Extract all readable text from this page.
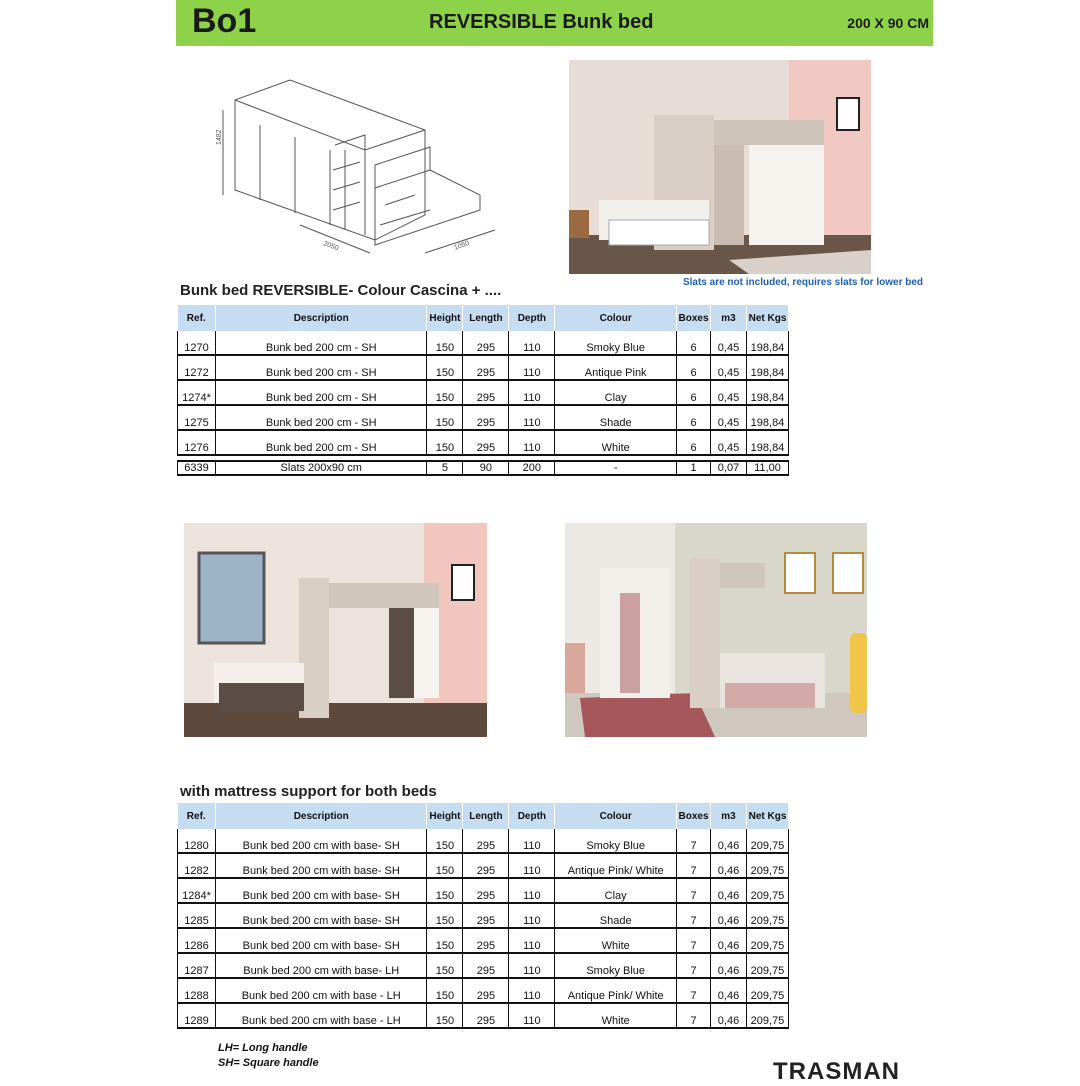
Bo1	REVERSIBLE Bunk bed	200 X 90 CM
1482
2050	1050
Slats are not included, requires slats for lower bed
Bunk bed REVERSIBLE- Colour Cascina + ....
Ref.	Description	Height	Length	Depth	Colour	Boxes	m3	Net Kgs
1270	Bunk bed 200 cm - SH	150	295	110	Smoky Blue	6	0,45	198,84
1272	Bunk bed 200 cm - SH	150	295	110	Antique Pink	6	0,45	198,84
1274*	Bunk bed 200 cm - SH	150	295	110	Clay	6	0,45	198,84
1275	Bunk bed 200 cm - SH	150	295	110	Shade	6	0,45	198,84
1276	Bunk bed 200 cm - SH	150	295	110	White	6	0,45	198,84

6339	Slats 200x90 cm	5	90	200	-	1	0,07	11,00
with mattress support for both beds
Ref.	Description	Height	Length	Depth	Colour	Boxes	m3	Net Kgs
1280	Bunk bed 200 cm with base- SH	150	295	110	Smoky Blue	7	0,46	209,75
1282	Bunk bed 200 cm with base- SH	150	295	110	Antique Pink/ White	7	0,46	209,75
1284*	Bunk bed 200 cm with base- SH	150	295	110	Clay	7	0,46	209,75
1285	Bunk bed 200 cm with base- SH	150	295	110	Shade	7	0,46	209,75
1286	Bunk bed 200 cm with base- SH	150	295	110	White	7	0,46	209,75
1287	Bunk bed 200 cm with base- LH	150	295	110	Smoky Blue	7	0,46	209,75
1288	Bunk bed 200 cm with base - LH	150	295	110	Antique Pink/ White	7	0,46	209,75
1289	Bunk bed 200 cm with base - LH	150	295	110	White	7	0,46	209,75
LH= Long handle
SH= Square handle	TRASMAN
